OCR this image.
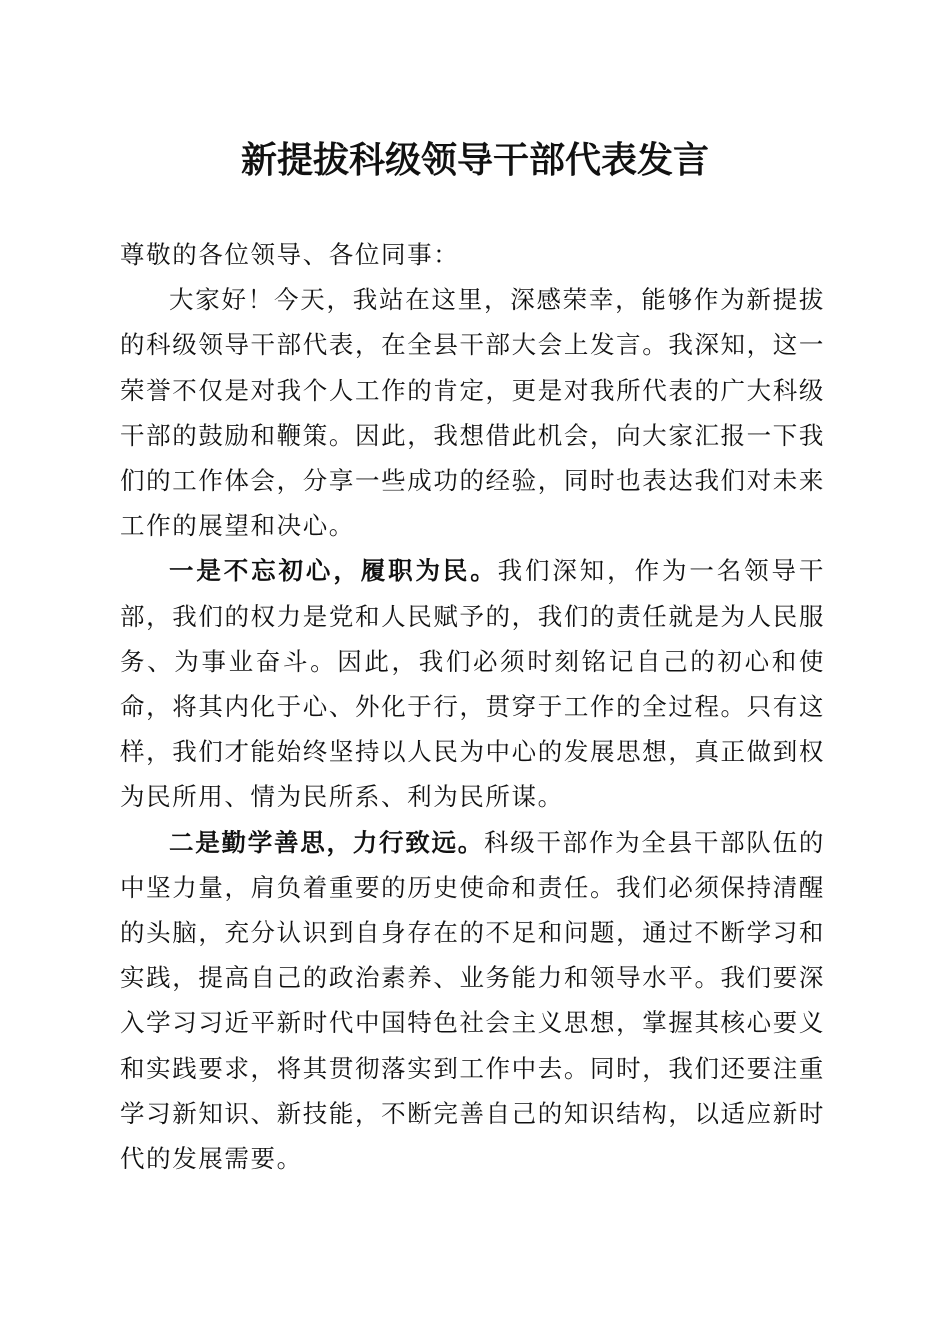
新提拔科级领导干部代表发言

尊敬的各位领导、各位同事：

大家好！今天，我站在这里，深感荣幸，能够作为新提拔的科级领导干部代表，在全县干部大会上发言。我深知，这一荣誉不仅是对我个人工作的肯定，更是对我所代表的广大科级干部的鼓励和鞭策。因此，我想借此机会，向大家汇报一下我们的工作体会，分享一些成功的经验，同时也表达我们对未来工作的展望和决心。

一是不忘初心，履职为民。我们深知，作为一名领导干部，我们的权力是党和人民赋予的，我们的责任就是为人民服务、为事业奋斗。因此，我们必须时刻铭记自己的初心和使命，将其内化于心、外化于行，贯穿于工作的全过程。只有这样，我们才能始终坚持以人民为中心的发展思想，真正做到权为民所用、情为民所系、利为民所谋。

二是勤学善思，力行致远。科级干部作为全县干部队伍的中坚力量，肩负着重要的历史使命和责任。我们必须保持清醒的头脑，充分认识到自身存在的不足和问题，通过不断学习和实践，提高自己的政治素养、业务能力和领导水平。我们要深入学习习近平新时代中国特色社会主义思想，掌握其核心要义和实践要求，将其贯彻落实到工作中去。同时，我们还要注重学习新知识、新技能，不断完善自己的知识结构，以适应新时代的发展需要。
